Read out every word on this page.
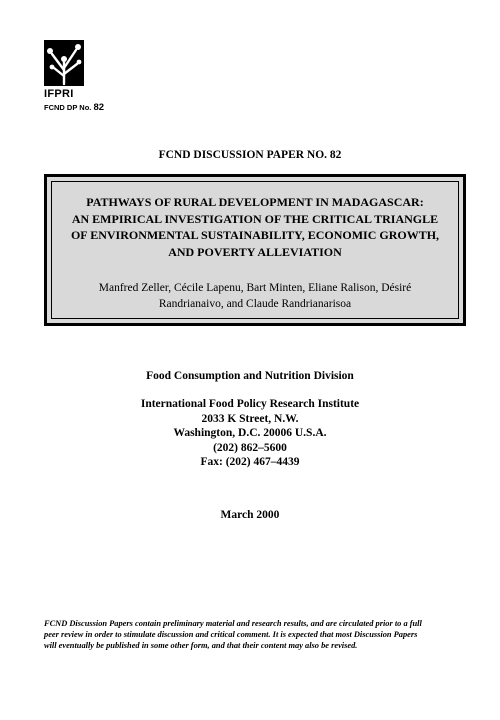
IFPRI
FCND DP No. 82
FCND DISCUSSION PAPER NO. 82
PATHWAYS OF RURAL DEVELOPMENT IN MADAGASCAR:
AN EMPIRICAL INVESTIGATION OF THE CRITICAL TRIANGLE
OF ENVIRONMENTAL SUSTAINABILITY, ECONOMIC GROWTH,
AND POVERTY ALLEVIATION
Manfred Zeller, Cécile Lapenu, Bart Minten, Eliane Ralison, Désiré
Randrianaivo, and Claude Randrianarisoa
Food Consumption and Nutrition Division
International Food Policy Research Institute
2033 K Street, N.W.
Washington, D.C. 20006 U.S.A.
(202) 862–5600
Fax: (202) 467–4439
March 2000
FCND Discussion Papers contain preliminary material and research results, and are circulated prior to a full
peer review in order to stimulate discussion and critical comment. It is expected that most Discussion Papers
will eventually be published in some other form, and that their content may also be revised.
